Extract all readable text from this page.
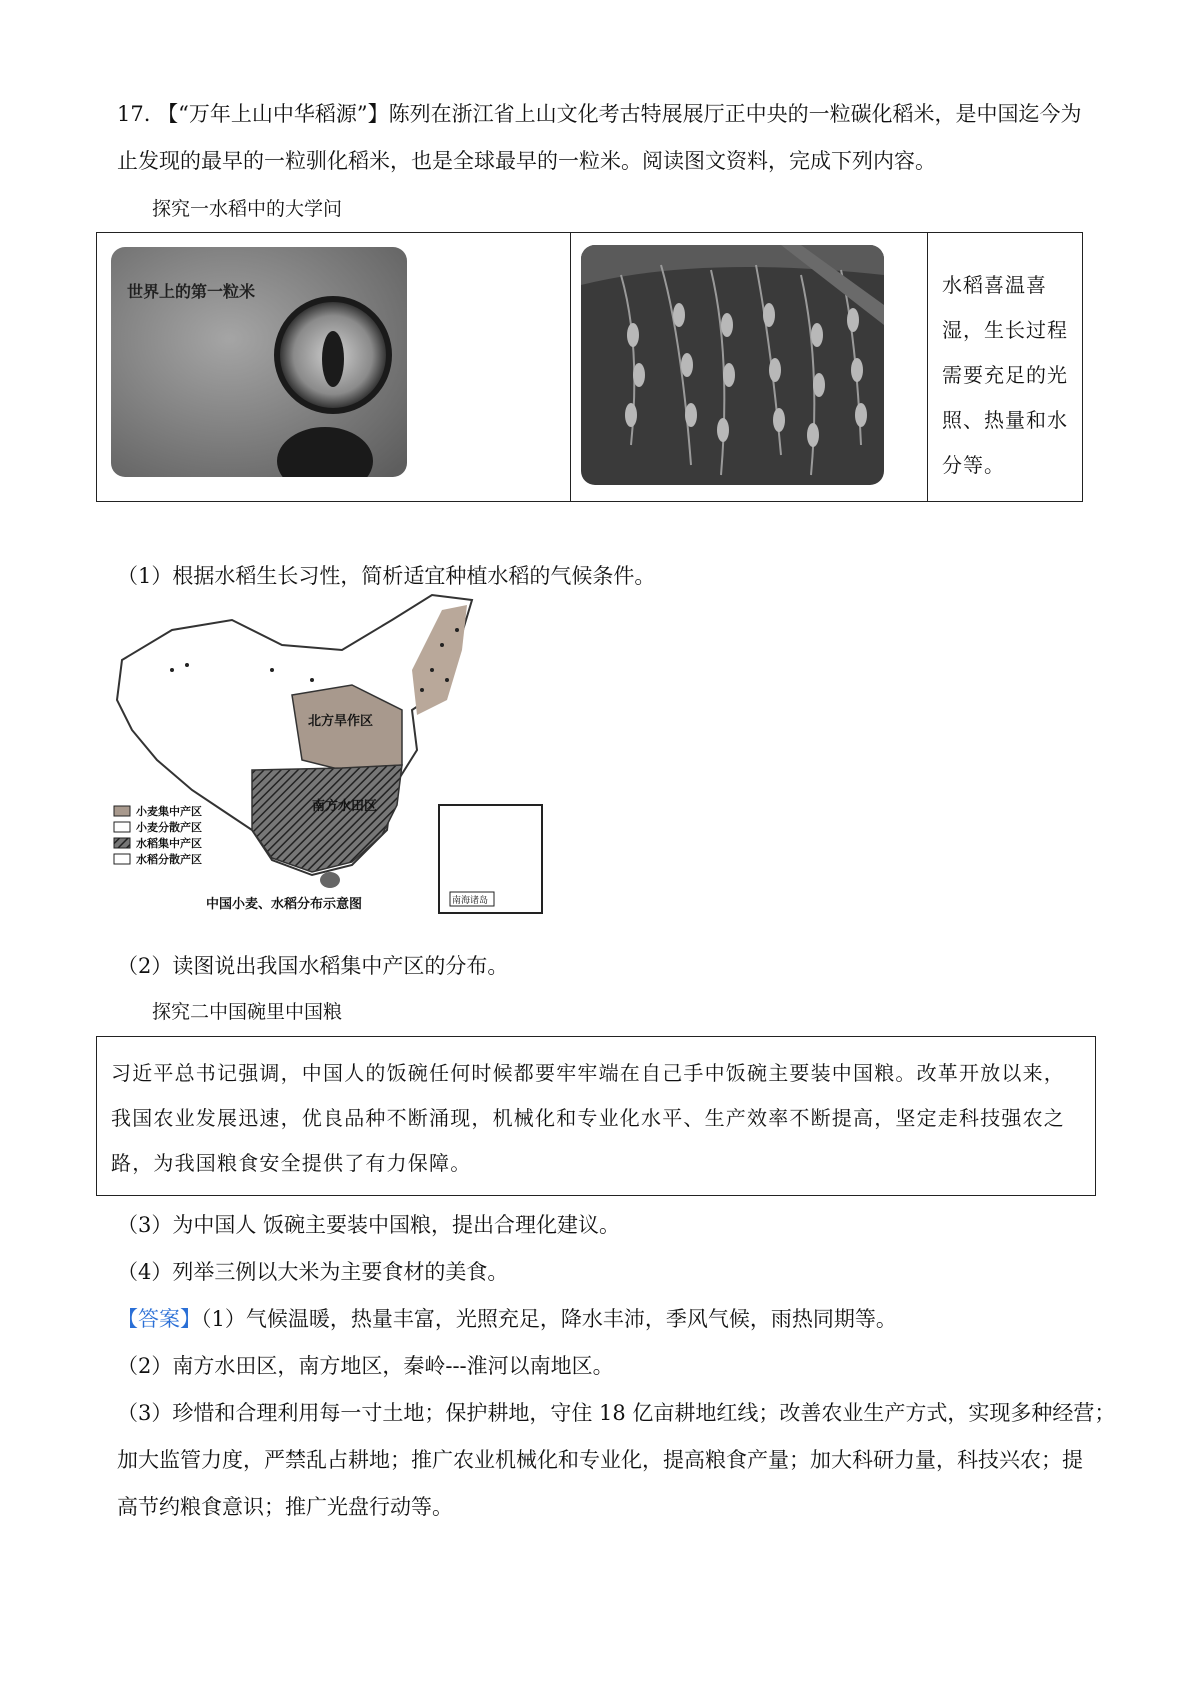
17. 【“万年上山中华稻源”】陈列在浙江省上山文化考古特展展厅正中央的一粒碳化稻米，是中国迄今为
止发现的最早的一粒驯化稻米，也是全球最早的一粒米。阅读图文资料，完成下列内容。
探究一水稻中的大学问
世界上的第一粒米	水稻喜温喜湿，生长过程需要充足的光照、热量和水分等。
（1）根据水稻生长习性，简析适宜种植水稻的气候条件。
北方旱作区
南方水田区
南海诸岛
小麦集中产区
小麦分散产区
水稻集中产区
水稻分散产区
中国小麦、水稻分布示意图
（2）读图说出我国水稻集中产区的分布。
探究二中国碗里中国粮
习近平总书记强调，中国人的饭碗任何时候都要牢牢端在自己手中饭碗主要装中国粮。改革开放以来，我国农业发展迅速，优良品种不断涌现，机械化和专业化水平、生产效率不断提高，坚定走科技强农之路，为我国粮食安全提供了有力保障。
（3）为中国人 饭碗主要装中国粮，提出合理化建议。
（4）列举三例以大米为主要食材的美食。
【答案】（1）气候温暖，热量丰富，光照充足，降水丰沛，季风气候，雨热同期等。
（2）南方水田区，南方地区，秦岭---淮河以南地区。
（3）珍惜和合理利用每一寸土地；保护耕地，守住 18 亿亩耕地红线；改善农业生产方式，实现多种经营；
加大监管力度，严禁乱占耕地；推广农业机械化和专业化，提高粮食产量；加大科研力量，科技兴农；提
高节约粮食意识；推广光盘行动等。
